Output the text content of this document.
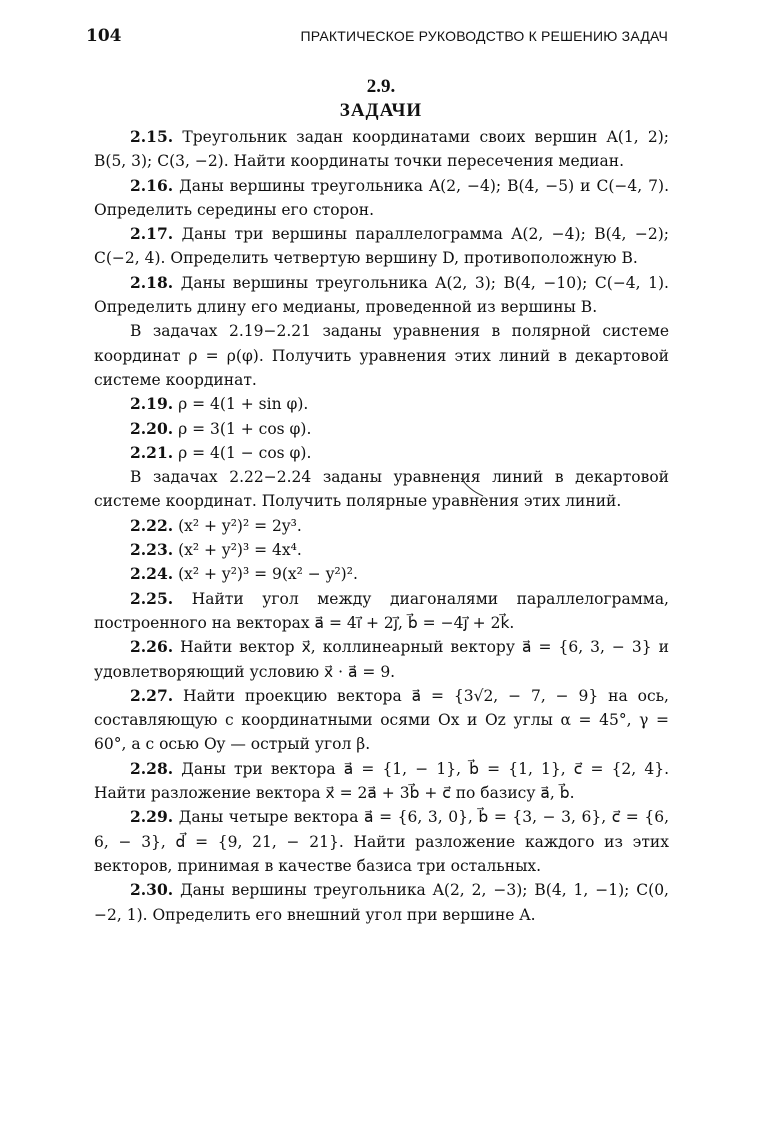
104	ПРАКТИЧЕСКОЕ РУКОВОДСТВО К РЕШЕНИЮ ЗАДАЧ
2.9.
ЗАДАЧИ

2.15. Треугольник задан координатами своих вершин A(1, 2); B(5, 3); C(3, −2). Найти координаты точки пересечения медиан.

2.16. Даны вершины треугольника A(2, −4); B(4, −5) и C(−4, 7). Определить середины его сторон.

2.17. Даны три вершины параллелограмма A(2, −4); B(4, −2); C(−2, 4). Определить четвертую вершину D, противоположную B.

2.18. Даны вершины треугольника A(2, 3); B(4, −10); C(−4, 1). Определить длину его медианы, проведенной из вершины B.

В задачах 2.19−2.21 заданы уравнения в полярной системе координат ρ = ρ(φ). Получить уравнения этих линий в декартовой системе координат.

2.19. ρ = 4(1 + sin φ).

2.20. ρ = 3(1 + cos φ).

2.21. ρ = 4(1 − cos φ).

В задачах 2.22−2.24 заданы уравнения линий в декартовой системе координат. Получить полярные уравнения этих линий.

2.22. (x² + y²)² = 2y³.

2.23. (x² + y²)³ = 4x⁴.

2.24. (x² + y²)³ = 9(x² − y²)².

2.25. Найти угол между диагоналями параллелограмма, построенного на векторах a⃗ = 4i⃗ + 2j⃗, b⃗ = −4j⃗ + 2k⃗.

2.26. Найти вектор x⃗, коллинеарный вектору a⃗ = {6, 3, − 3} и удовлетворяющий условию x⃗ · a⃗ = 9.

2.27. Найти проекцию вектора a⃗ = {3√2, − 7, − 9} на ось, составляющую с координатными осями Ox и Oz углы α = 45°, γ = 60°, а с осью Oy — острый угол β.

2.28. Даны три вектора a⃗ = {1, − 1}, b⃗ = {1, 1}, c⃗ = {2, 4}. Найти разложение вектора x⃗ = 2a⃗ + 3b⃗ + c⃗ по базису a⃗, b⃗.

2.29. Даны четыре вектора a⃗ = {6, 3, 0}, b⃗ = {3, − 3, 6}, c⃗ = {6, 6, − 3}, d⃗ = {9, 21, − 21}. Найти разложение каждого из этих векторов, принимая в качестве базиса три остальных.

2.30. Даны вершины треугольника A(2, 2, −3); B(4, 1, −1); C(0, −2, 1). Определить его внешний угол при вершине A.
